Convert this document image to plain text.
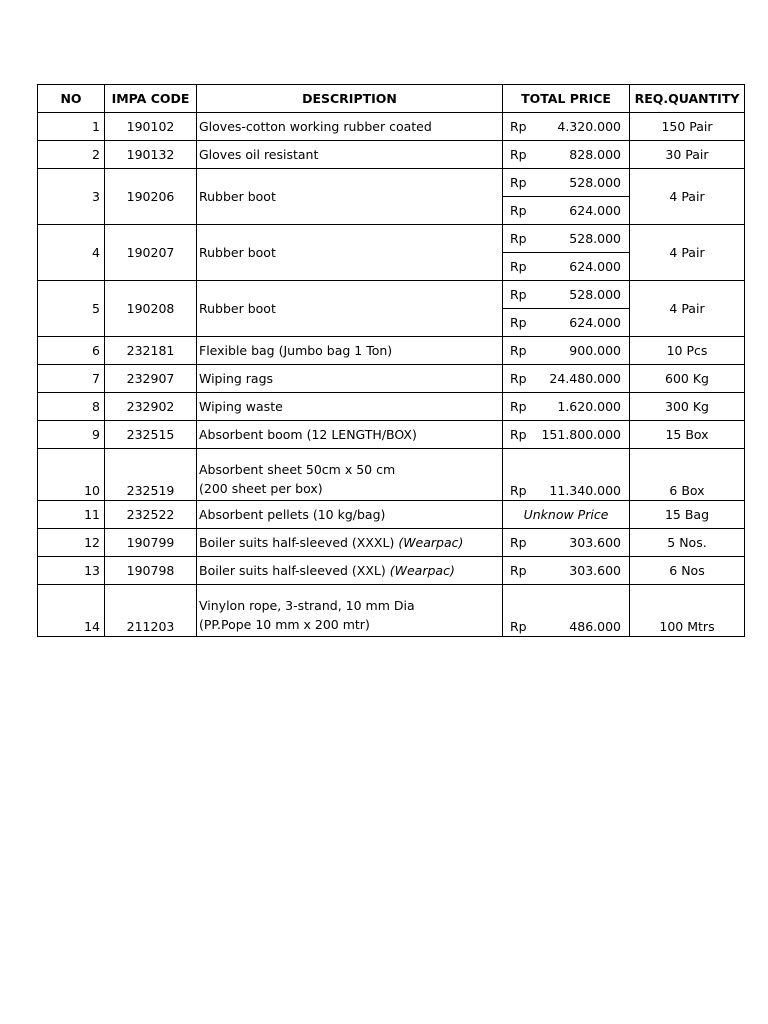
NO	IMPA CODE	DESCRIPTION	TOTAL PRICE	REQ.QUANTITY
1	190102	Gloves-cotton working rubber coated	Rp 4.320.000	150 Pair
2	190132	Gloves oil resistant	Rp 828.000	30 Pair
3	190206	Rubber boot	Rp 528.000	4 Pair

			Rp 624.000	

4	190207	Rubber boot	Rp 528.000	4 Pair

			Rp 624.000	

5	190208	Rubber boot	Rp 528.000	4 Pair

			Rp 624.000	

6	232181	Flexible bag (Jumbo bag 1 Ton)	Rp 900.000	10 Pcs
7	232907	Wiping rags	Rp 24.480.000	600 Kg
8	232902	Wiping waste	Rp 1.620.000	300 Kg
9	232515	Absorbent boom (12 LENGTH/BOX)	Rp 151.800.000	15 Box
10	232519	Absorbent sheet 50cm x 50 cm
(200 sheet per box)	Rp 11.340.000	6 Box
11	232522	Absorbent pellets (10 kg/bag)	Unknow Price	15 Bag
12	190799	Boiler suits half-sleeved (XXXL) (Wearpac)	Rp 303.600	5 Nos.
13	190798	Boiler suits half-sleeved (XXL) (Wearpac)	Rp 303.600	6 Nos
14	211203	Vinylon rope, 3-strand, 10 mm Dia
(PP.Pope 10 mm x 200 mtr)	Rp 486.000	100 Mtrs
